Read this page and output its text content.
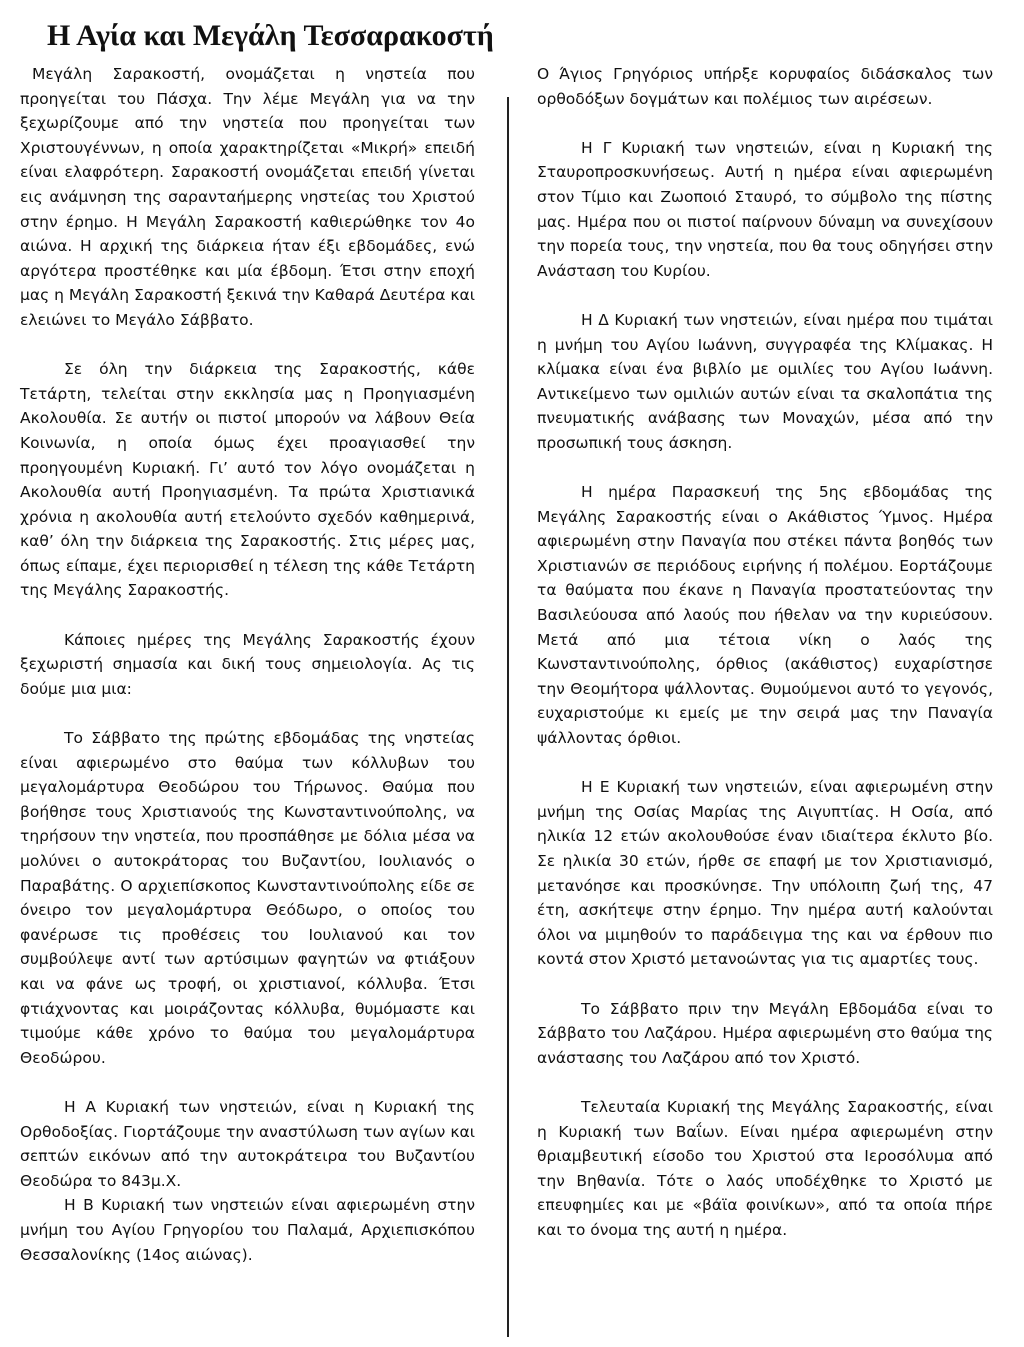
Η Αγία και Μεγάλη Τεσσαρακοστή

Μεγάλη Σαρακοστή, ονομάζεται η νηστεία που προηγείται του Πάσχα. Την λέμε Μεγάλη για να την ξεχωρίζουμε από την νηστεία που προηγείται των Χριστουγέννων, η οποία χαρακτηρίζεται «Μικρή» επειδή είναι ελαφρότερη. Σαρακοστή ονομάζεται επειδή γίνεται εις ανάμνηση της σαρανταήμερης νηστείας του Χριστού στην έρημο. Η Μεγάλη Σαρακοστή καθιερώθηκε τον 4ο αιώνα. Η αρχική της διάρκεια ήταν έξι εβδομάδες, ενώ αργότερα προστέθηκε και μία έβδομη. Έτσι στην εποχή μας η Μεγάλη Σαρακοστή ξεκινά την Καθαρά Δευτέρα και ελειώνει το Μεγάλο Σάββατο.

Σε όλη την διάρκεια της Σαρακοστής, κάθε Τετάρτη, τελείται στην εκκλησία μας η Προηγιασμένη Ακολουθία. Σε αυτήν οι πιστοί μπορούν να λάβουν Θεία Κοινωνία, η οποία όμως έχει προαγιασθεί την προηγουμένη Κυριακή. Γι’ αυτό τον λόγο ονομάζεται η Ακολουθία αυτή Προηγιασμένη. Τα πρώτα Χριστιανικά χρόνια η ακολουθία αυτή ετελούντο σχεδόν καθημερινά, καθ’ όλη την διάρκεια της Σαρακοστής. Στις μέρες μας, όπως είπαμε, έχει περιορισθεί η τέλεση της κάθε Τετάρτη της Μεγάλης Σαρακοστής.

Κάποιες ημέρες της Μεγάλης Σαρακοστής έχουν ξεχωριστή σημασία και δική τους σημειολογία. Ας τις δούμε μια μια:

Το Σάββατο της πρώτης εβδομάδας της νηστείας είναι αφιερωμένο στο θαύμα των κόλλυβων του μεγαλομάρτυρα Θεοδώρου του Τήρωνος. Θαύμα που βοήθησε τους Χριστιανούς της Κωνσταντινούπολης, να τηρήσουν την νηστεία, που προσπάθησε με δόλια μέσα να μολύνει ο αυτοκράτορας του Βυζαντίου, Ιουλιανός ο Παραβάτης. Ο αρχιεπίσκοπος Κωνσταντινούπολης είδε σε όνειρο τον μεγαλομάρτυρα Θεόδωρο, ο οποίος του φανέρωσε τις προθέσεις του Ιουλιανού και τον συμβούλεψε αντί των αρτύσιμων φαγητών να φτιάξουν και να φάνε ως τροφή, οι χριστιανοί, κόλλυβα. Έτσι φτιάχνοντας και μοιράζοντας κόλλυβα, θυμόμαστε και τιμούμε κάθε χρόνο το θαύμα του μεγαλομάρτυρα Θεοδώρου.

Η Α Κυριακή των νηστειών, είναι η Κυριακή της Ορθοδοξίας. Γιορτάζουμε την αναστύλωση των αγίων και σεπτών εικόνων από την αυτοκράτειρα του Βυζαντίου Θεοδώρα το 843μ.Χ.

Η Β Κυριακή των νηστειών είναι αφιερωμένη στην μνήμη του Αγίου Γρηγορίου του Παλαμά, Αρχιεπισκόπου Θεσσαλονίκης (14ος αιώνας).

Ο Άγιος Γρηγόριος υπήρξε κορυφαίος διδάσκαλος των ορθοδόξων δογμάτων και πολέμιος των αιρέσεων.

Η Γ Κυριακή των νηστειών, είναι η Κυριακή της Σταυροπροσκυνήσεως. Αυτή η ημέρα είναι αφιερωμένη στον Τίμιο και Ζωοποιό Σταυρό, το σύμβολο της πίστης μας. Ημέρα που οι πιστοί παίρνουν δύναμη να συνεχίσουν την πορεία τους, την νηστεία, που θα τους οδηγήσει στην Ανάσταση του Κυρίου.

Η Δ Κυριακή των νηστειών, είναι ημέρα που τιμάται η μνήμη του Αγίου Ιωάννη, συγγραφέα της Κλίμακας. Η κλίμακα είναι ένα βιβλίο με ομιλίες του Αγίου Ιωάννη. Αντικείμενο των ομιλιών αυτών είναι τα σκαλοπάτια της πνευματικής ανάβασης των Μοναχών, μέσα από την προσωπική τους άσκηση.

Η ημέρα Παρασκευή της 5ης εβδομάδας της Μεγάλης Σαρακοστής είναι ο Ακάθιστος Ύμνος. Ημέρα αφιερωμένη στην Παναγία που στέκει πάντα βοηθός των Χριστιανών σε περιόδους ειρήνης ή πολέμου. Εορτάζουμε τα θαύματα που έκανε η Παναγία προστατεύοντας την Βασιλεύουσα από λαούς που ήθελαν να την κυριεύσουν. Μετά από μια τέτοια νίκη ο λαός της Κωνσταντινούπολης, όρθιος (ακάθιστος) ευχαρίστησε την Θεομήτορα ψάλλοντας. Θυμούμενοι αυτό το γεγονός, ευχαριστούμε κι εμείς με την σειρά μας την Παναγία ψάλλοντας όρθιοι.

Η Ε Κυριακή των νηστειών, είναι αφιερωμένη στην μνήμη της Οσίας Μαρίας της Αιγυπτίας. Η Οσία, από ηλικία 12 ετών ακολουθούσε έναν ιδιαίτερα έκλυτο βίο. Σε ηλικία 30 ετών, ήρθε σε επαφή με τον Χριστιανισμό, μετανόησε και προσκύνησε. Την υπόλοιπη ζωή της, 47 έτη, ασκήτεψε στην έρημο. Την ημέρα αυτή καλούνται όλοι να μιμηθούν το παράδειγμα της και να έρθουν πιο κοντά στον Χριστό μετανοώντας για τις αμαρτίες τους.

Το Σάββατο πριν την Μεγάλη Εβδομάδα είναι το Σάββατο του Λαζάρου. Ημέρα αφιερωμένη στο θαύμα της ανάστασης του Λαζάρου από τον Χριστό.

Τελευταία Κυριακή της Μεγάλης Σαρακοστής, είναι η Κυριακή των Βαΐων. Είναι ημέρα αφιερωμένη στην θριαμβευτική είσοδο του Χριστού στα Ιεροσόλυμα από την Βηθανία. Τότε ο λαός υποδέχθηκε το Χριστό με επευφημίες και με «βάϊα φοινίκων», από τα οποία πήρε και το όνομα της αυτή η ημέρα.
